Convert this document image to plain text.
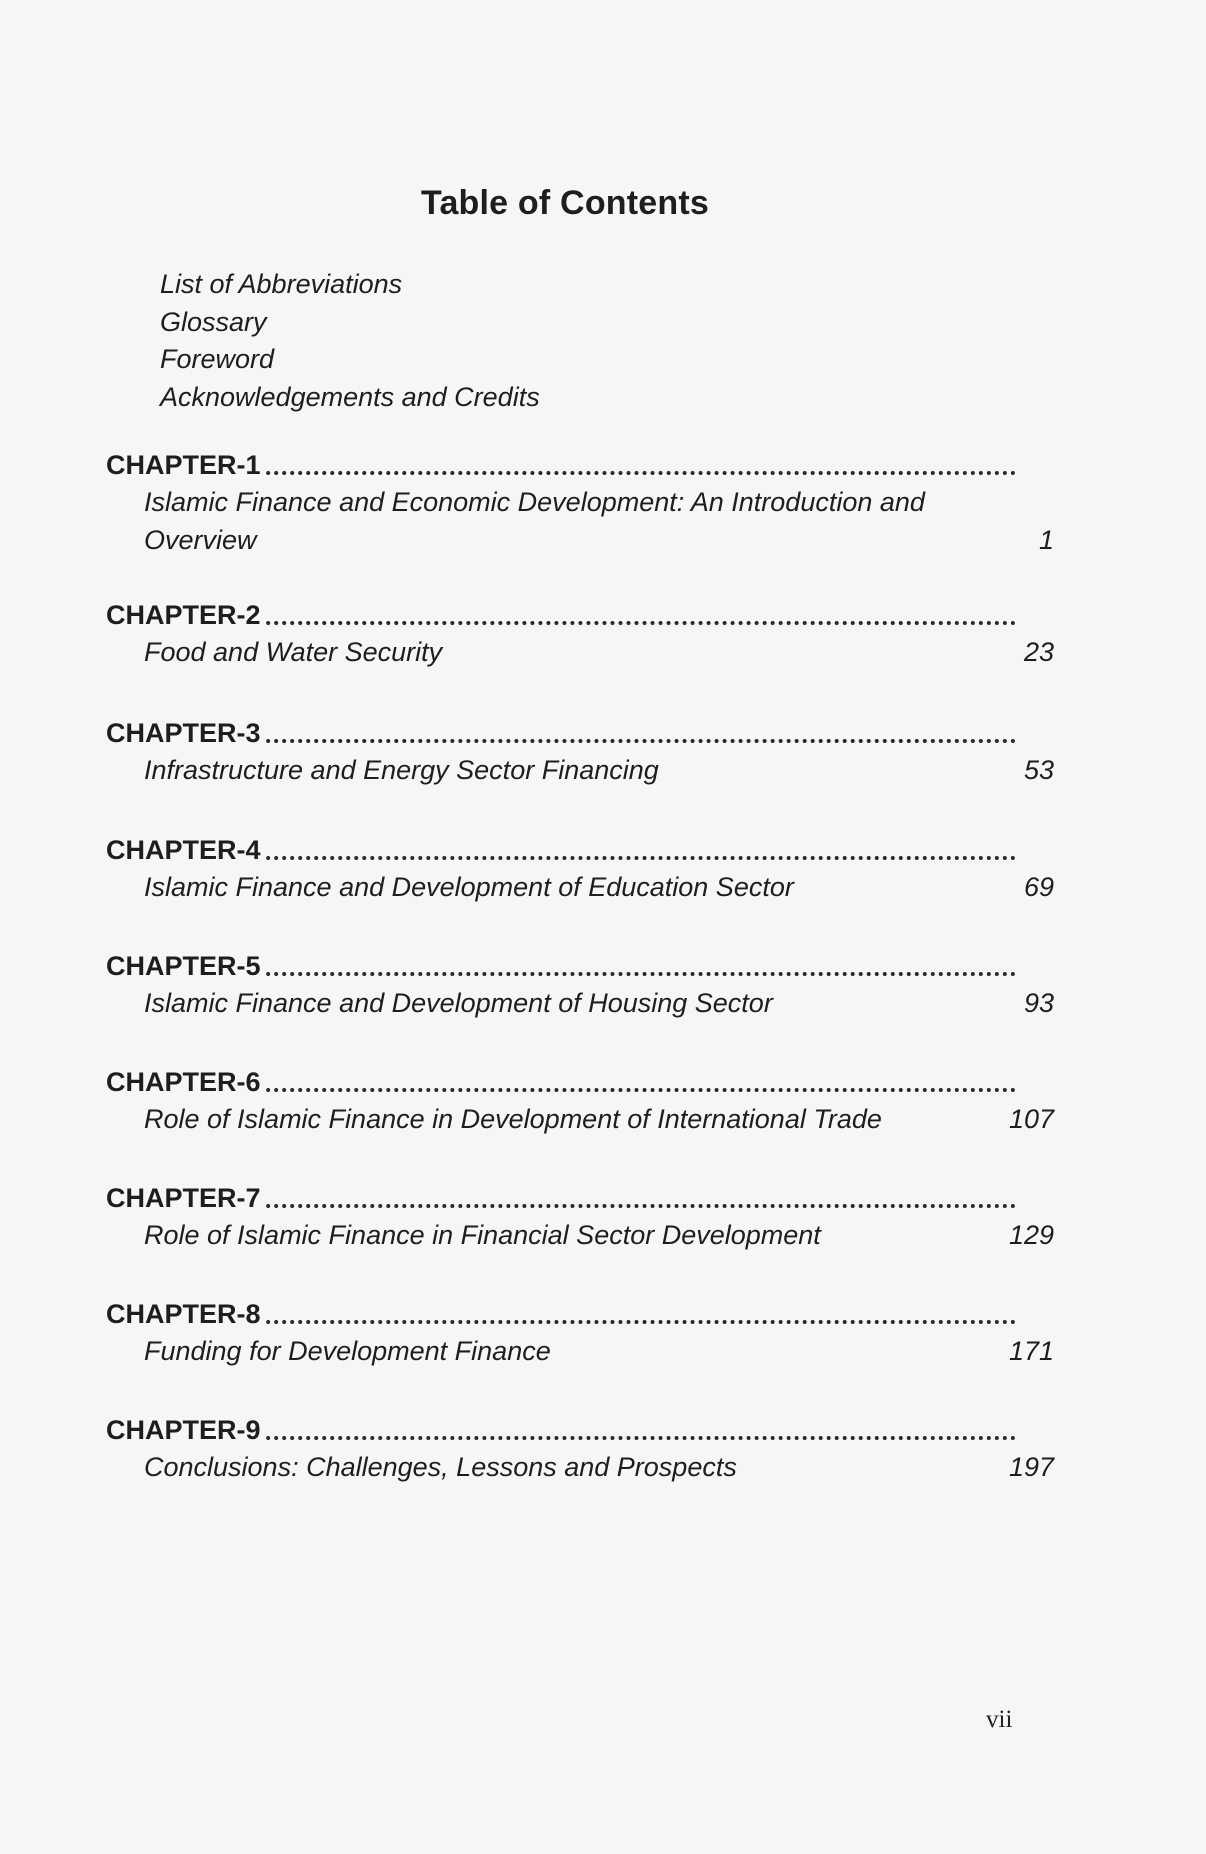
Table of Contents
List of Abbreviations
Glossary
Foreword
Acknowledgements and Credits
CHAPTER-1
Islamic Finance and Economic Development: An Introduction and Overview	1
CHAPTER-2
Food and Water Security	23
CHAPTER-3
Infrastructure and Energy Sector Financing	53
CHAPTER-4
Islamic Finance and Development of Education Sector	69
CHAPTER-5
Islamic Finance and Development of Housing Sector	93
CHAPTER-6
Role of Islamic Finance in Development of International Trade	107
CHAPTER-7
Role of Islamic Finance in Financial Sector Development	129
CHAPTER-8
Funding for Development Finance	171
CHAPTER-9
Conclusions: Challenges, Lessons and Prospects	197
vii
